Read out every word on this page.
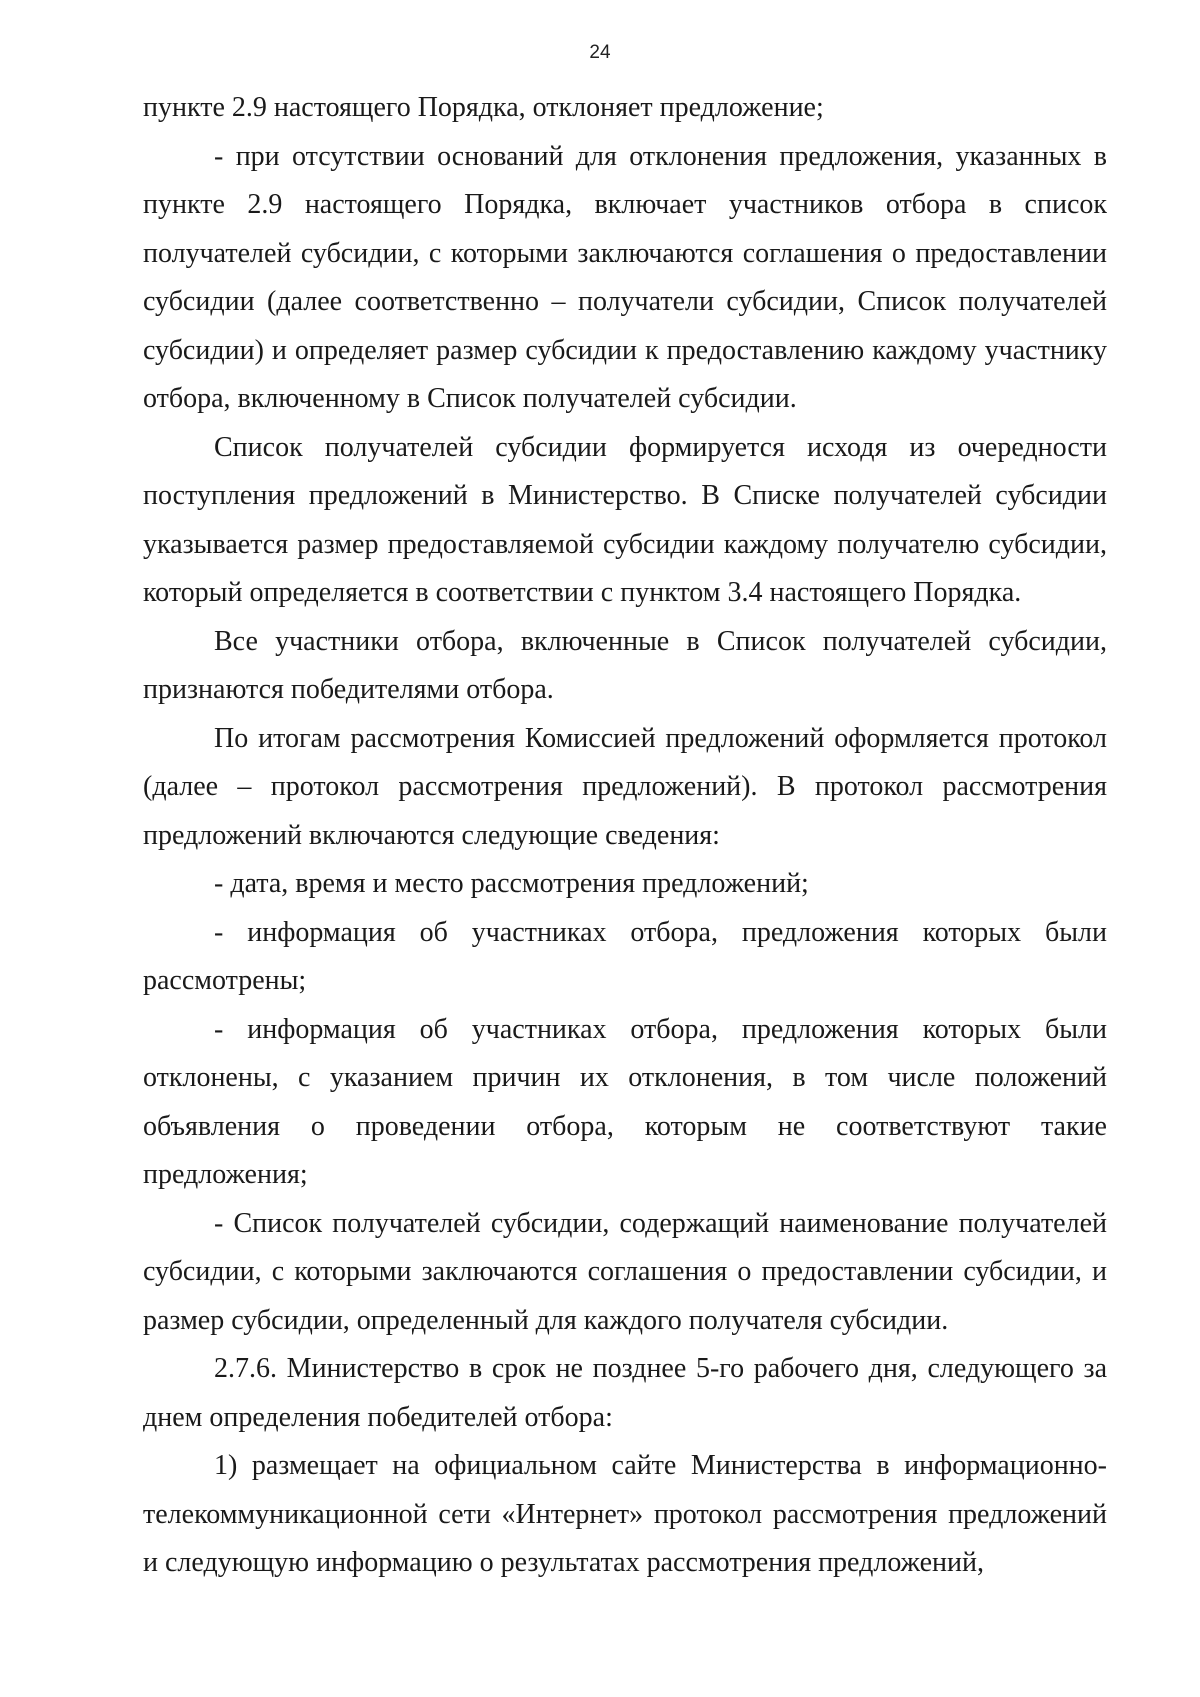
24

пункте 2.9 настоящего Порядка, отклоняет предложение;

- при отсутствии оснований для отклонения предложения, указанных в пункте 2.9 настоящего Порядка, включает участников отбора в список получателей субсидии, с которыми заключаются соглашения о предоставлении субсидии (далее соответственно – получатели субсидии, Список получателей субсидии) и определяет размер субсидии к предоставлению каждому участнику отбора, включенному в Список получателей субсидии.

Список получателей субсидии формируется исходя из очередности поступления предложений в Министерство. В Списке получателей субсидии указывается размер предоставляемой субсидии каждому получателю субсидии, который определяется в соответствии с пунктом 3.4 настоящего Порядка.

Все участники отбора, включенные в Список получателей субсидии, признаются победителями отбора.

По итогам рассмотрения Комиссией предложений оформляется протокол (далее – протокол рассмотрения предложений). В протокол рассмотрения предложений включаются следующие сведения:

- дата, время и место рассмотрения предложений;

- информация об участниках отбора, предложения которых были рассмотрены;

- информация об участниках отбора, предложения которых были отклонены, с указанием причин их отклонения, в том числе положений объявления о проведении отбора, которым не соответствуют такие предложения;

- Список получателей субсидии, содержащий наименование получателей субсидии, с которыми заключаются соглашения о предоставлении субсидии, и размер субсидии, определенный для каждого получателя субсидии.

2.7.6. Министерство в срок не позднее 5-го рабочего дня, следующего за днем определения победителей отбора:

1) размещает на официальном сайте Министерства в информационно-телекоммуникационной сети «Интернет» протокол рассмотрения предложений и следующую информацию о результатах рассмотрения предложений,
